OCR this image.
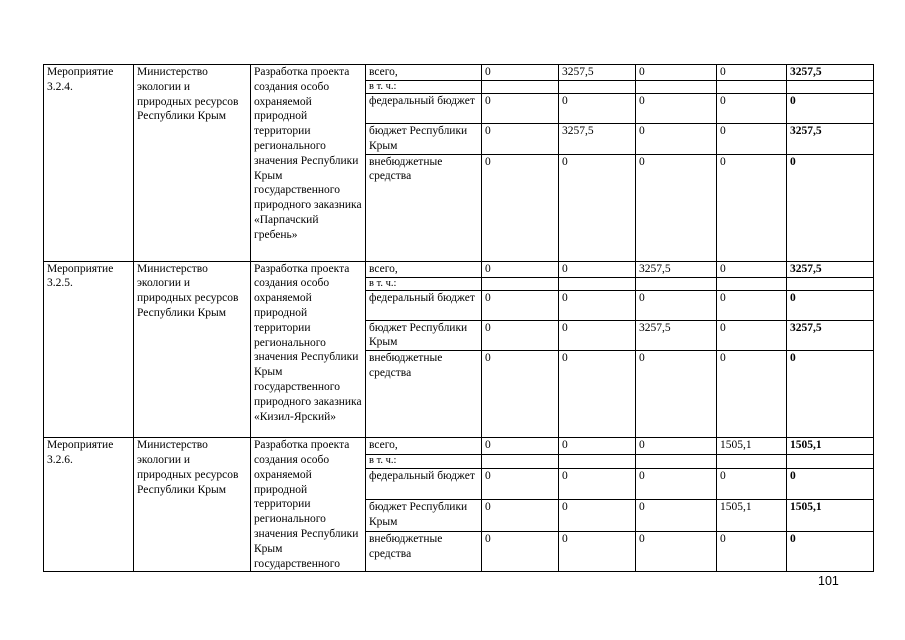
Мероприятие 3.2.4.	Министерство экологии и природных ресурсов Республики Крым	Разработка проекта создания особо охраняемой природной территории регионального значения Республики Крым государственного природного заказника «Парпачский гребень»	всего,	0	3257,5	0	0	3257,5
			в т. ч.:					
			федеральный бюджет	0	0	0	0	0
			бюджет Республики Крым	0	3257,5	0	0	3257,5
			внебюджетные средства	0	0	0	0	0
Мероприятие 3.2.5.	Министерство экологии и природных ресурсов Республики Крым	Разработка проекта создания особо охраняемой природной территории регионального значения Республики Крым государственного природного заказника «Кизил-Ярский»	всего,	0	0	3257,5	0	3257,5
			в т. ч.:					
			федеральный бюджет	0	0	0	0	0
			бюджет Республики Крым	0	0	3257,5	0	3257,5
			внебюджетные средства	0	0	0	0	0
Мероприятие 3.2.6.	Министерство экологии и природных ресурсов Республики Крым	Разработка проекта создания особо охраняемой природной территории регионального значения Республики Крым государственного	всего,	0	0	0	1505,1	1505,1
			в т. ч.:					
			федеральный бюджет	0	0	0	0	0
			бюджет Республики Крым	0	0	0	1505,1	1505,1
			внебюджетные средства	0	0	0	0	0
101
